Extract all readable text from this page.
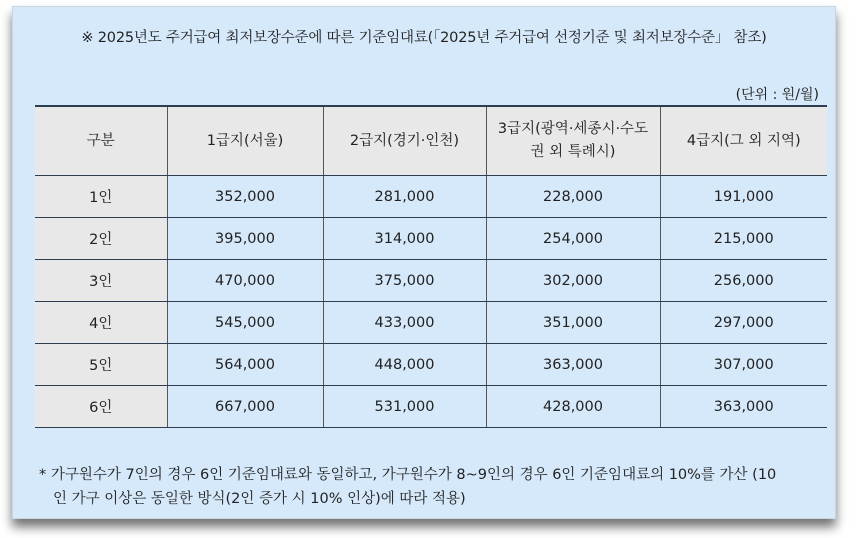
※ 2025년도 주거급여 최저보장수준에 따른 기준임대료(「2025년 주거급여 선정기준 및 최저보장수준」 참조)
(단위 : 원/월)
구분	1급지(서울)	2급지(경기·인천)	3급지(광역·세종시·수도
권 외 특례시)	4급지(그 외 지역)
1인	352,000	281,000	228,000	191,000
2인	395,000	314,000	254,000	215,000
3인	470,000	375,000	302,000	256,000
4인	545,000	433,000	351,000	297,000
5인	564,000	448,000	363,000	307,000
6인	667,000	531,000	428,000	363,000
* 가구원수가 7인의 경우 6인 기준임대료와 동일하고, 가구원수가 8~9인의 경우 6인 기준임대료의 10%를 가산 (10
인 가구 이상은 동일한 방식(2인 증가 시 10% 인상)에 따라 적용)
